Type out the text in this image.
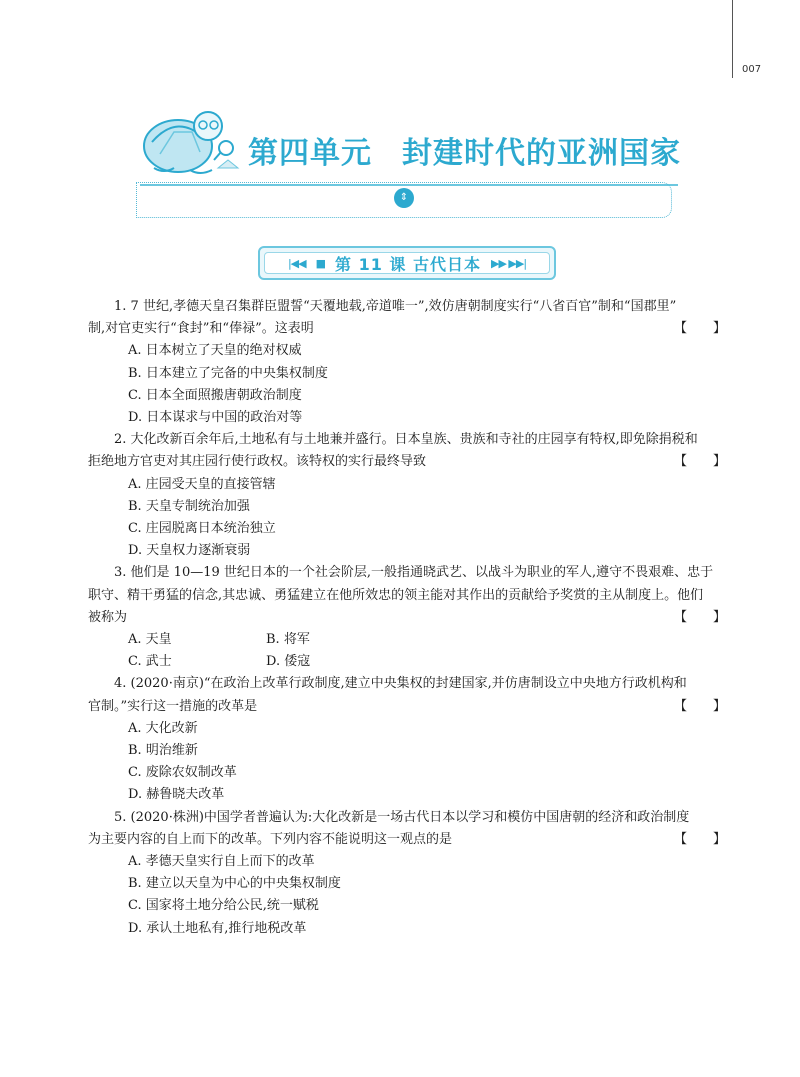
007
第四单元 封建时代的亚洲国家
⇕
|◀◀ ■ 第 11 课 古代日本 ▶▶ ▶▶|

1. 7 世纪,孝德天皇召集群臣盟誓“天覆地载,帝道唯一”,效仿唐朝制度实行“八省百官”制和“国郡里”

制,对官吏实行“食封”和“俸禄”。这表明	【　　】

A. 日本树立了天皇的绝对权威

B. 日本建立了完备的中央集权制度

C. 日本全面照搬唐朝政治制度

D. 日本谋求与中国的政治对等

2. 大化改新百余年后,土地私有与土地兼并盛行。日本皇族、贵族和寺社的庄园享有特权,即免除捐税和

拒绝地方官吏对其庄园行使行政权。该特权的实行最终导致	【　　】

A. 庄园受天皇的直接管辖

B. 天皇专制统治加强

C. 庄园脱离日本统治独立

D. 天皇权力逐渐衰弱

3. 他们是 10—19 世纪日本的一个社会阶层,一般指通晓武艺、以战斗为职业的军人,遵守不畏艰难、忠于

职守、精干勇猛的信念,其忠诚、勇猛建立在他所效忠的领主能对其作出的贡献给予奖赏的主从制度上。他们

被称为	【　　】

A. 天皇	B. 将军

C. 武士	D. 倭寇

4. (2020·南京)“在政治上改革行政制度,建立中央集权的封建国家,并仿唐制设立中央地方行政机构和

官制。”实行这一措施的改革是	【　　】

A. 大化改新

B. 明治维新

C. 废除农奴制改革

D. 赫鲁晓夫改革

5. (2020·株洲)中国学者普遍认为:大化改新是一场古代日本以学习和模仿中国唐朝的经济和政治制度

为主要内容的自上而下的改革。下列内容不能说明这一观点的是	【　　】

A. 孝德天皇实行自上而下的改革

B. 建立以天皇为中心的中央集权制度

C. 国家将土地分给公民,统一赋税

D. 承认土地私有,推行地税改革
